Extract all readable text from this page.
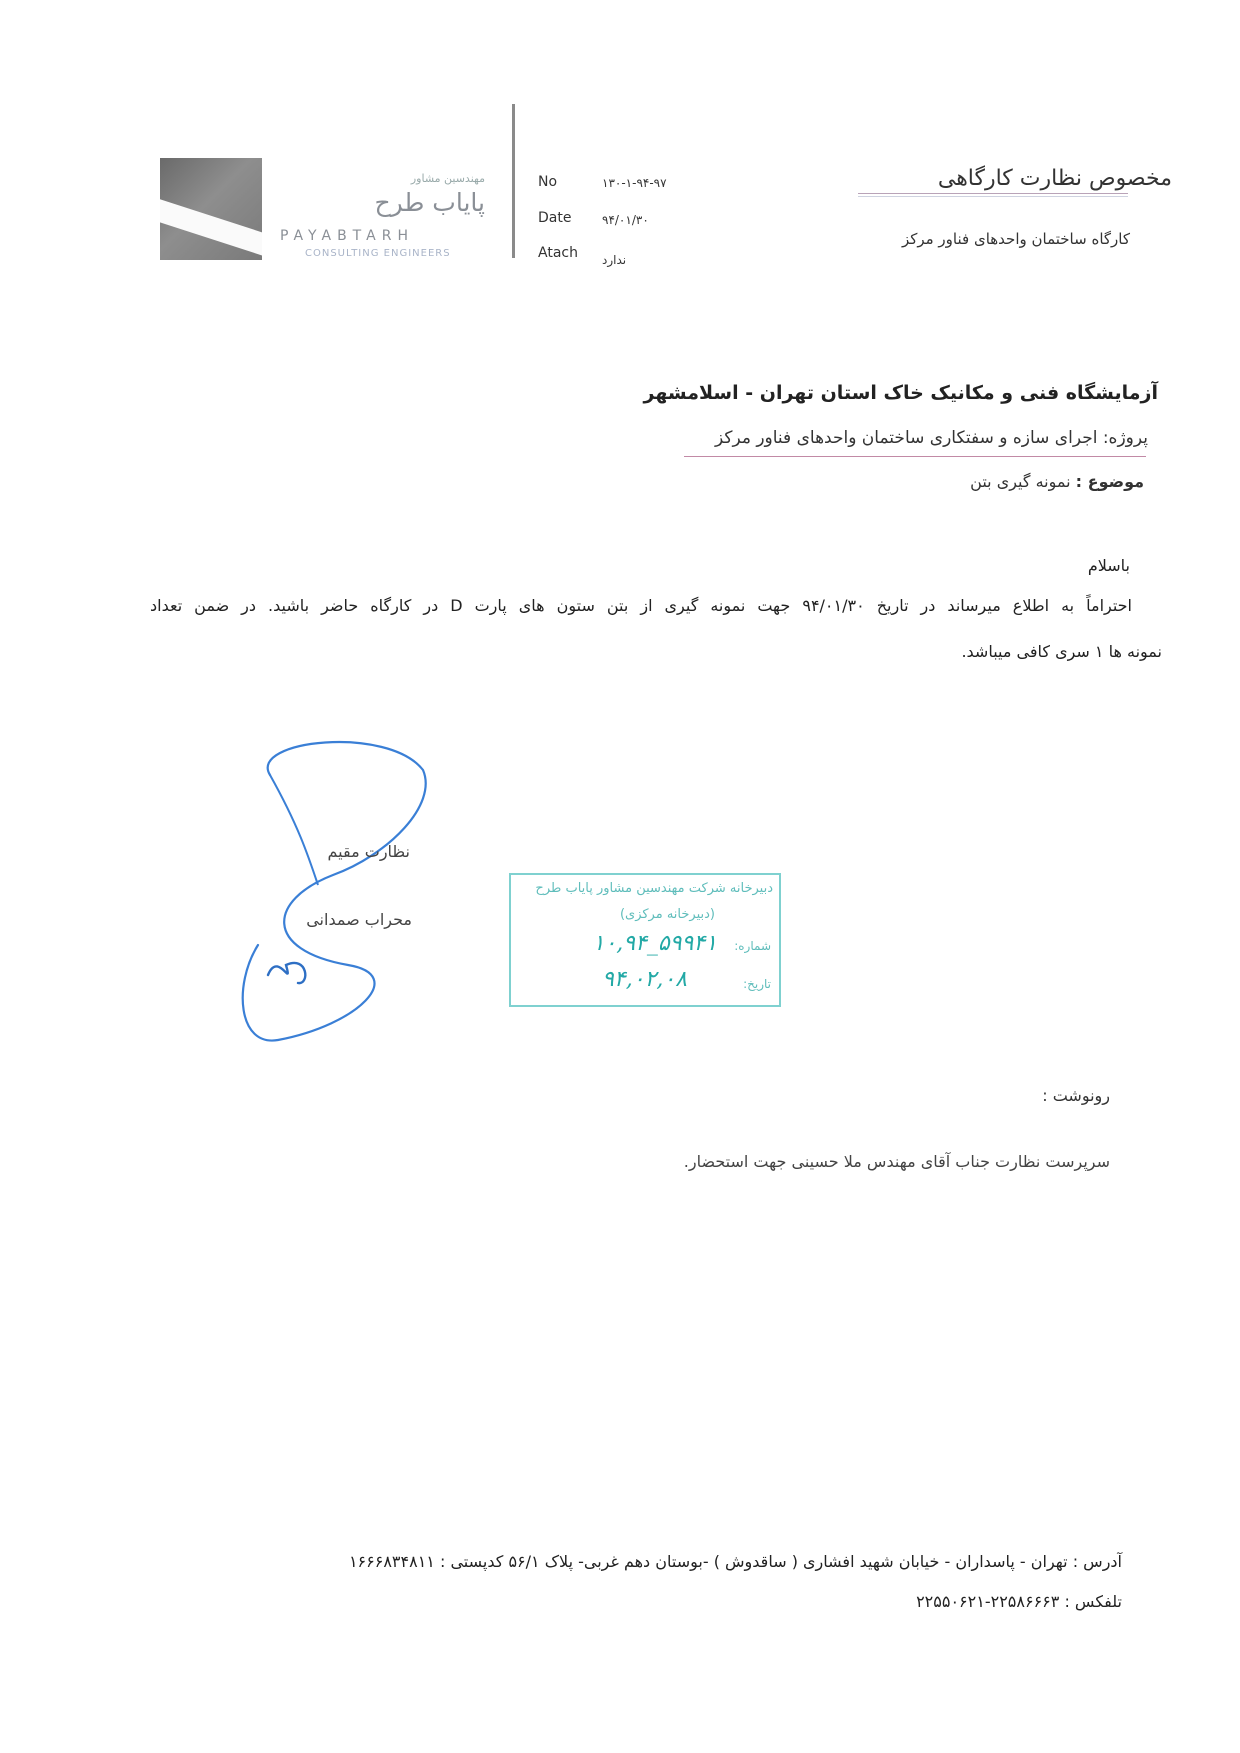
مهندسین مشاور
پایاب طرح
PAYABTARH
CONSULTING ENGINEERS
No	۱۳۰-۱-۹۴-۹۷
Date	۹۴/۰۱/۳۰
Atach ندارد
مخصوص نظارت کارگاهی
کارگاه ساختمان واحدهای فناور مرکز
آزمایشگاه فنی و مکانیک خاک استان تهران - اسلامشهر
پروژه: اجرای سازه و سفتکاری ساختمان واحدهای فناور مرکز
موضوع : نمونه گیری بتن
باسلام
احتراماً به اطلاع میرساند در تاریخ ۹۴/۰۱/۳۰ جهت نمونه گیری از بتن ستون های پارت D در کارگاه حاضر باشید. در ضمن تعداد
نمونه ها ۱ سری کافی میباشد.
نظارت مقیم
محراب صمدانی
دبیرخانه شرکت مهندسین مشاور پایاب طرح
(دبیرخانه مرکزی)
شماره:
۱۰,۹۴_۵۹۹۴۱
تاریخ:
۹۴,۰۲,۰۸
رونوشت :
سرپرست نظارت جناب آقای مهندس ملا حسینی جهت استحضار.
آدرس : تهران - پاسداران - خیابان شهید افشاری ( ساقدوش ) -بوستان دهم غربی- پلاک ۵۶/۱ کدپستی : ۱۶۶۶۸۳۴۸۱۱
تلفکس : ۲۲۵۸۶۶۶۳-۲۲۵۵۰۶۲۱
